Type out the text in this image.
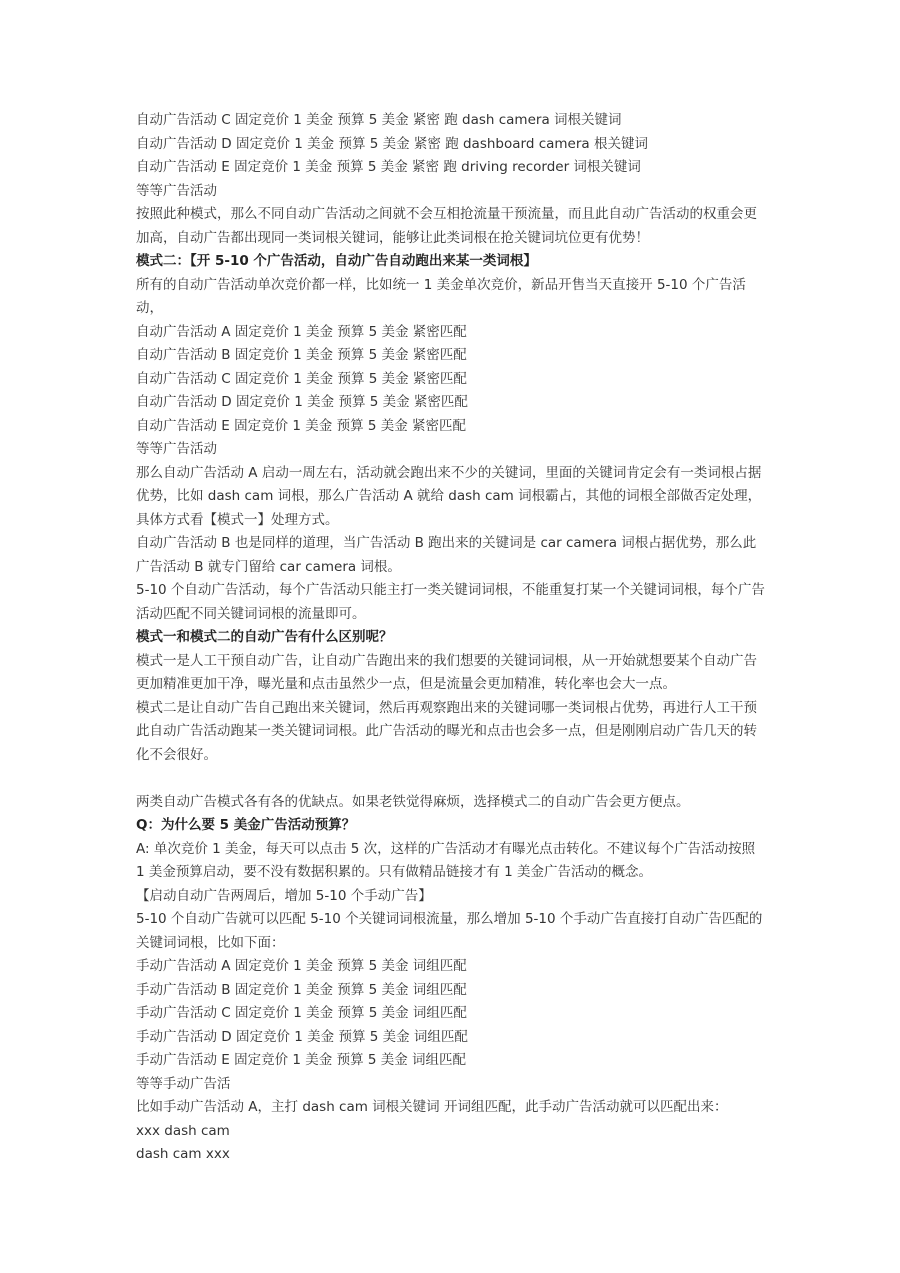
自动广告活动 C 固定竞价 1 美金 预算 5 美金 紧密 跑 dash camera 词根关键词

自动广告活动 D 固定竞价 1 美金 预算 5 美金 紧密 跑 dashboard camera 根关键词

自动广告活动 E 固定竞价 1 美金 预算 5 美金 紧密 跑 driving recorder 词根关键词

等等广告活动

按照此种模式，那么不同自动广告活动之间就不会互相抢流量干预流量，而且此自动广告活动的权重会更加高，自动广告都出现同一类词根关键词，能够让此类词根在抢关键词坑位更有优势！

模式二：【开 5-10 个广告活动，自动广告自动跑出来某一类词根】

所有的自动广告活动单次竞价都一样，比如统一 1 美金单次竞价，新品开售当天直接开 5-10 个广告活动，

自动广告活动 A 固定竞价 1 美金 预算 5 美金 紧密匹配

自动广告活动 B 固定竞价 1 美金 预算 5 美金 紧密匹配

自动广告活动 C 固定竞价 1 美金 预算 5 美金 紧密匹配

自动广告活动 D 固定竞价 1 美金 预算 5 美金 紧密匹配

自动广告活动 E 固定竞价 1 美金 预算 5 美金 紧密匹配

等等广告活动

那么自动广告活动 A 启动一周左右，活动就会跑出来不少的关键词，里面的关键词肯定会有一类词根占据优势，比如 dash cam 词根，那么广告活动 A 就给 dash cam 词根霸占，其他的词根全部做否定处理，具体方式看【模式一】处理方式。

自动广告活动 B 也是同样的道理，当广告活动 B 跑出来的关键词是 car camera 词根占据优势，那么此广告活动 B 就专门留给 car camera 词根。

5-10 个自动广告活动，每个广告活动只能主打一类关键词词根，不能重复打某一个关键词词根，每个广告活动匹配不同关键词词根的流量即可。

模式一和模式二的自动广告有什么区别呢？

模式一是人工干预自动广告，让自动广告跑出来的我们想要的关键词词根，从一开始就想要某个自动广告更加精准更加干净，曝光量和点击虽然少一点，但是流量会更加精准，转化率也会大一点。

模式二是让自动广告自己跑出来关键词，然后再观察跑出来的关键词哪一类词根占优势，再进行人工干预此自动广告活动跑某一类关键词词根。此广告活动的曝光和点击也会多一点，但是刚刚启动广告几天的转化不会很好。

两类自动广告模式各有各的优缺点。如果老铁觉得麻烦，选择模式二的自动广告会更方便点。

Q：为什么要 5 美金广告活动预算？

A: 单次竞价 1 美金，每天可以点击 5 次，这样的广告活动才有曝光点击转化。不建议每个广告活动按照 1 美金预算启动，要不没有数据积累的。只有做精品链接才有 1 美金广告活动的概念。

【启动自动广告两周后，增加 5-10 个手动广告】

5-10 个自动广告就可以匹配 5-10 个关键词词根流量，那么增加 5-10 个手动广告直接打自动广告匹配的关键词词根，比如下面：

手动广告活动 A 固定竞价 1 美金 预算 5 美金 词组匹配

手动广告活动 B 固定竞价 1 美金 预算 5 美金 词组匹配

手动广告活动 C 固定竞价 1 美金 预算 5 美金 词组匹配

手动广告活动 D 固定竞价 1 美金 预算 5 美金 词组匹配

手动广告活动 E 固定竞价 1 美金 预算 5 美金 词组匹配

等等手动广告活

比如手动广告活动 A，主打 dash cam 词根关键词 开词组匹配，此手动广告活动就可以匹配出来：

xxx dash cam

dash cam xxx
